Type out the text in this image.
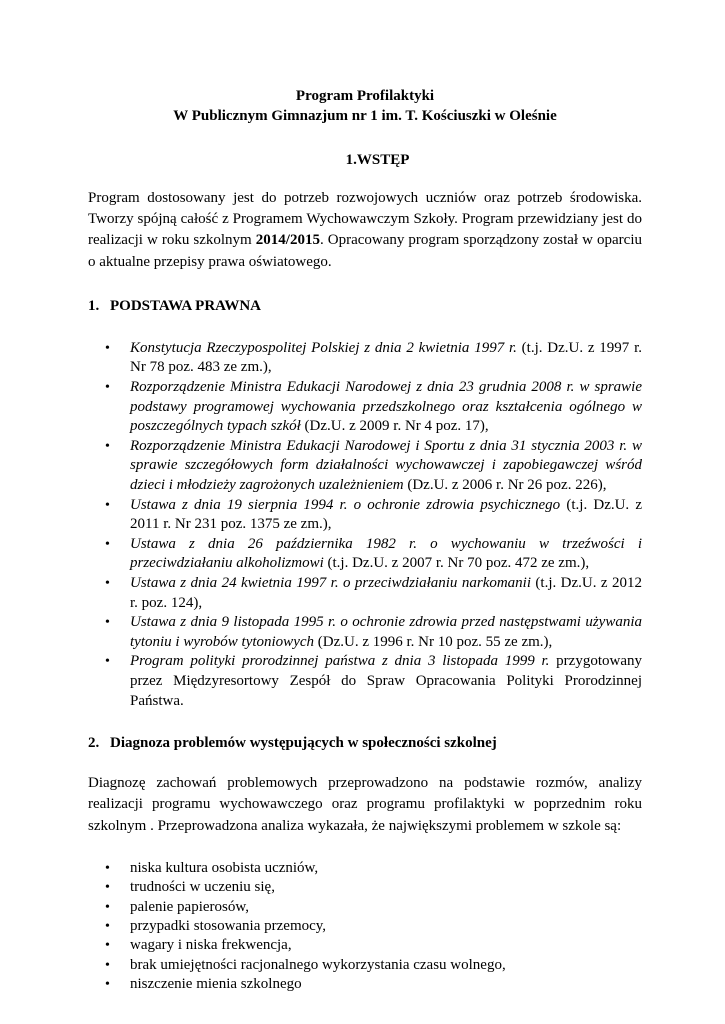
Program Profilaktyki

W Publicznym Gimnazjum nr 1 im. T. Kościuszki w Oleśnie

1.WSTĘP

Program dostosowany jest do potrzeb rozwojowych uczniów oraz potrzeb środowiska. Tworzy spójną całość z Programem Wychowawczym Szkoły. Program przewidziany jest do realizacji w roku szkolnym 2014/2015. Opracowany program sporządzony został w oparciu o aktualne przepisy prawa oświatowego.

1. PODSTAWA PRAWNA
• Konstytucja Rzeczypospolitej Polskiej z dnia 2 kwietnia 1997 r. (t.j. Dz.U. z 1997 r. Nr 78 poz. 483 ze zm.),
• Rozporządzenie Ministra Edukacji Narodowej z dnia 23 grudnia 2008 r. w sprawie podstawy programowej wychowania przedszkolnego oraz kształcenia ogólnego w poszczególnych typach szkół (Dz.U. z 2009 r. Nr 4 poz. 17),
• Rozporządzenie Ministra Edukacji Narodowej i Sportu z dnia 31 stycznia 2003 r. w sprawie szczegółowych form działalności wychowawczej i zapobiegawczej wśród dzieci i młodzieży zagrożonych uzależnieniem (Dz.U. z 2006 r. Nr 26 poz. 226),
• Ustawa z dnia 19 sierpnia 1994 r. o ochronie zdrowia psychicznego (t.j. Dz.U. z 2011 r. Nr 231 poz. 1375 ze zm.),
• Ustawa z dnia 26 października 1982 r. o wychowaniu w trzeźwości i przeciwdziałaniu alkoholizmowi (t.j. Dz.U. z 2007 r. Nr 70 poz. 472 ze zm.),
• Ustawa z dnia 24 kwietnia 1997 r. o przeciwdziałaniu narkomanii (t.j. Dz.U. z 2012 r. poz. 124),
• Ustawa z dnia 9 listopada 1995 r. o ochronie zdrowia przed następstwami używania tytoniu i wyrobów tytoniowych (Dz.U. z 1996 r. Nr 10 poz. 55 ze zm.),
• Program polityki prorodzinnej państwa z dnia 3 listopada 1999 r. przygotowany przez Międzyresortowy Zespół do Spraw Opracowania Polityki Prorodzinnej Państwa.
2. Diagnoza problemów występujących w społeczności szkolnej

Diagnozę zachowań problemowych przeprowadzono na podstawie rozmów, analizy realizacji programu wychowawczego oraz programu profilaktyki w poprzednim roku szkolnym . Przeprowadzona analiza wykazała, że największymi problemem w szkole są:

• niska kultura osobista uczniów,
• trudności w uczeniu się,
• palenie papierosów,
• przypadki stosowania przemocy,
• wagary i niska frekwencja,
• brak umiejętności racjonalnego wykorzystania czasu wolnego,
• niszczenie mienia szkolnego
